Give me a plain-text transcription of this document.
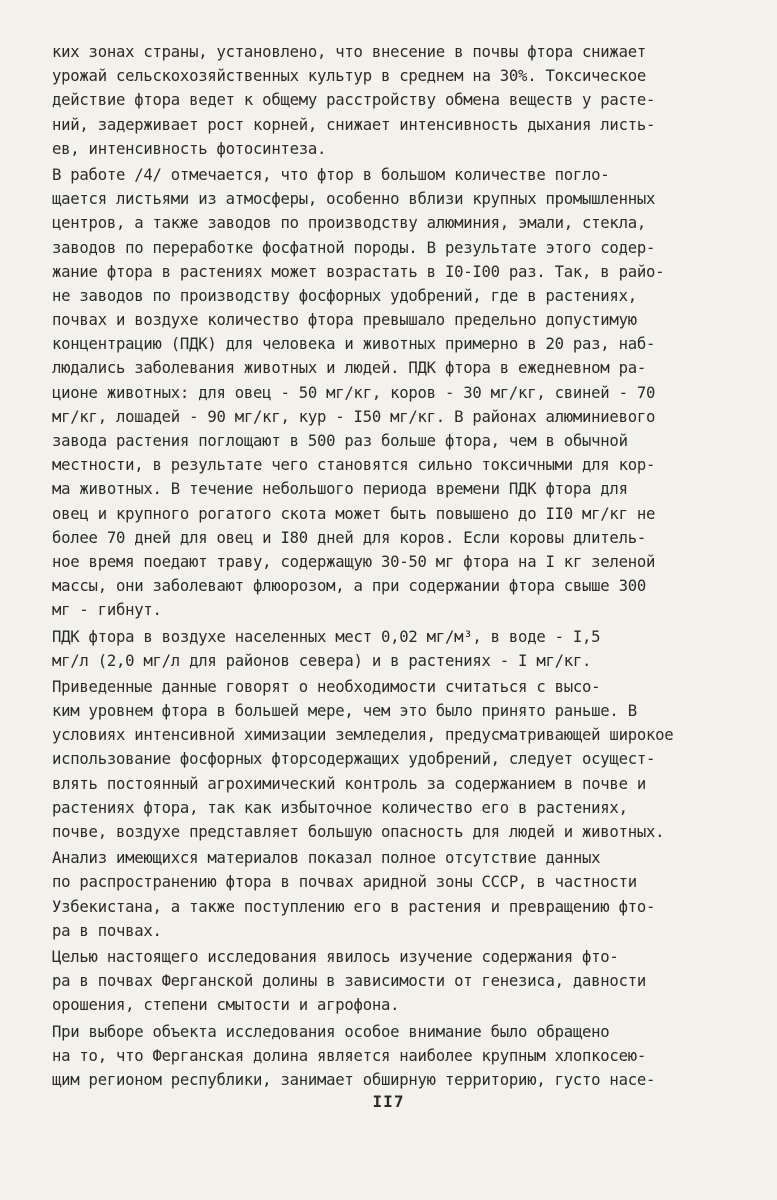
ких зонах страны, установлено, что внесение в почвы фтора снижает
урожай сельскохозяйственных культур в среднем на 30%. Токсическое
действие фтора ведет к общему расстройству обмена веществ у расте-
ний, задерживает рост корней, снижает интенсивность дыхания листь-
ев, интенсивность фотосинтеза.
В работе /4/ отмечается, что фтор в большом количестве погло-
щается листьями из атмосферы, особенно вблизи крупных промышленных
центров, а также заводов по производству алюминия, эмали, стекла,
заводов по переработке фосфатной породы. В результате этого содер-
жание фтора в растениях может возрастать в I0-I00 раз. Так, в райо-
не заводов по производству фосфорных удобрений, где в растениях,
почвах и воздухе количество фтора превышало предельно допустимую
концентрацию (ПДК) для человека и животных примерно в 20 раз, наб-
людались заболевания животных и людей. ПДК фтора в ежедневном ра-
ционе животных: для овец - 50 мг/кг, коров - 30 мг/кг, свиней - 70
мг/кг, лошадей - 90 мг/кг, кур - I50 мг/кг. В районах алюминиевого
завода растения поглощают в 500 раз больше фтора, чем в обычной
местности, в результате чего становятся сильно токсичными для кор-
ма животных. В течение небольшого периода времени ПДК фтора для
овец и крупного рогатого скота может быть повышено до II0 мг/кг не
более 70 дней для овец и I80 дней для коров. Если коровы длитель-
ное время поедают траву, содержащую 30-50 мг фтора на I кг зеленой
массы, они заболевают флюорозом, а при содержании фтора свыше 300
мг - гибнут.
ПДК фтора в воздухе населенных мест 0,02 мг/м³, в воде - I,5
мг/л (2,0 мг/л для районов севера) и в растениях - I мг/кг.
Приведенные данные говорят о необходимости считаться с высо-
ким уровнем фтора в большей мере, чем это было принято раньше. В
условиях интенсивной химизации земледелия, предусматривающей широкое
использование фосфорных фторсодержащих удобрений, следует осущест-
влять постоянный агрохимический контроль за содержанием в почве и
растениях фтора, так как избыточное количество его в растениях,
почве, воздухе представляет большую опасность для людей и животных.
Анализ имеющихся материалов показал полное отсутствие данных
по распространению фтора в почвах аридной зоны СССР, в частности
Узбекистана, а также поступлению его в растения и превращению фто-
ра в почвах.
Целью настоящего исследования явилось изучение содержания фто-
ра в почвах Ферганской долины в зависимости от генезиса, давности
орошения, степени смытости и агрофона.
При выборе объекта исследования особое внимание было обращено
на то, что Ферганская долина является наиболее крупным хлопкосею-
щим регионом республики, занимает обширную территорию, густо насе-
II7
